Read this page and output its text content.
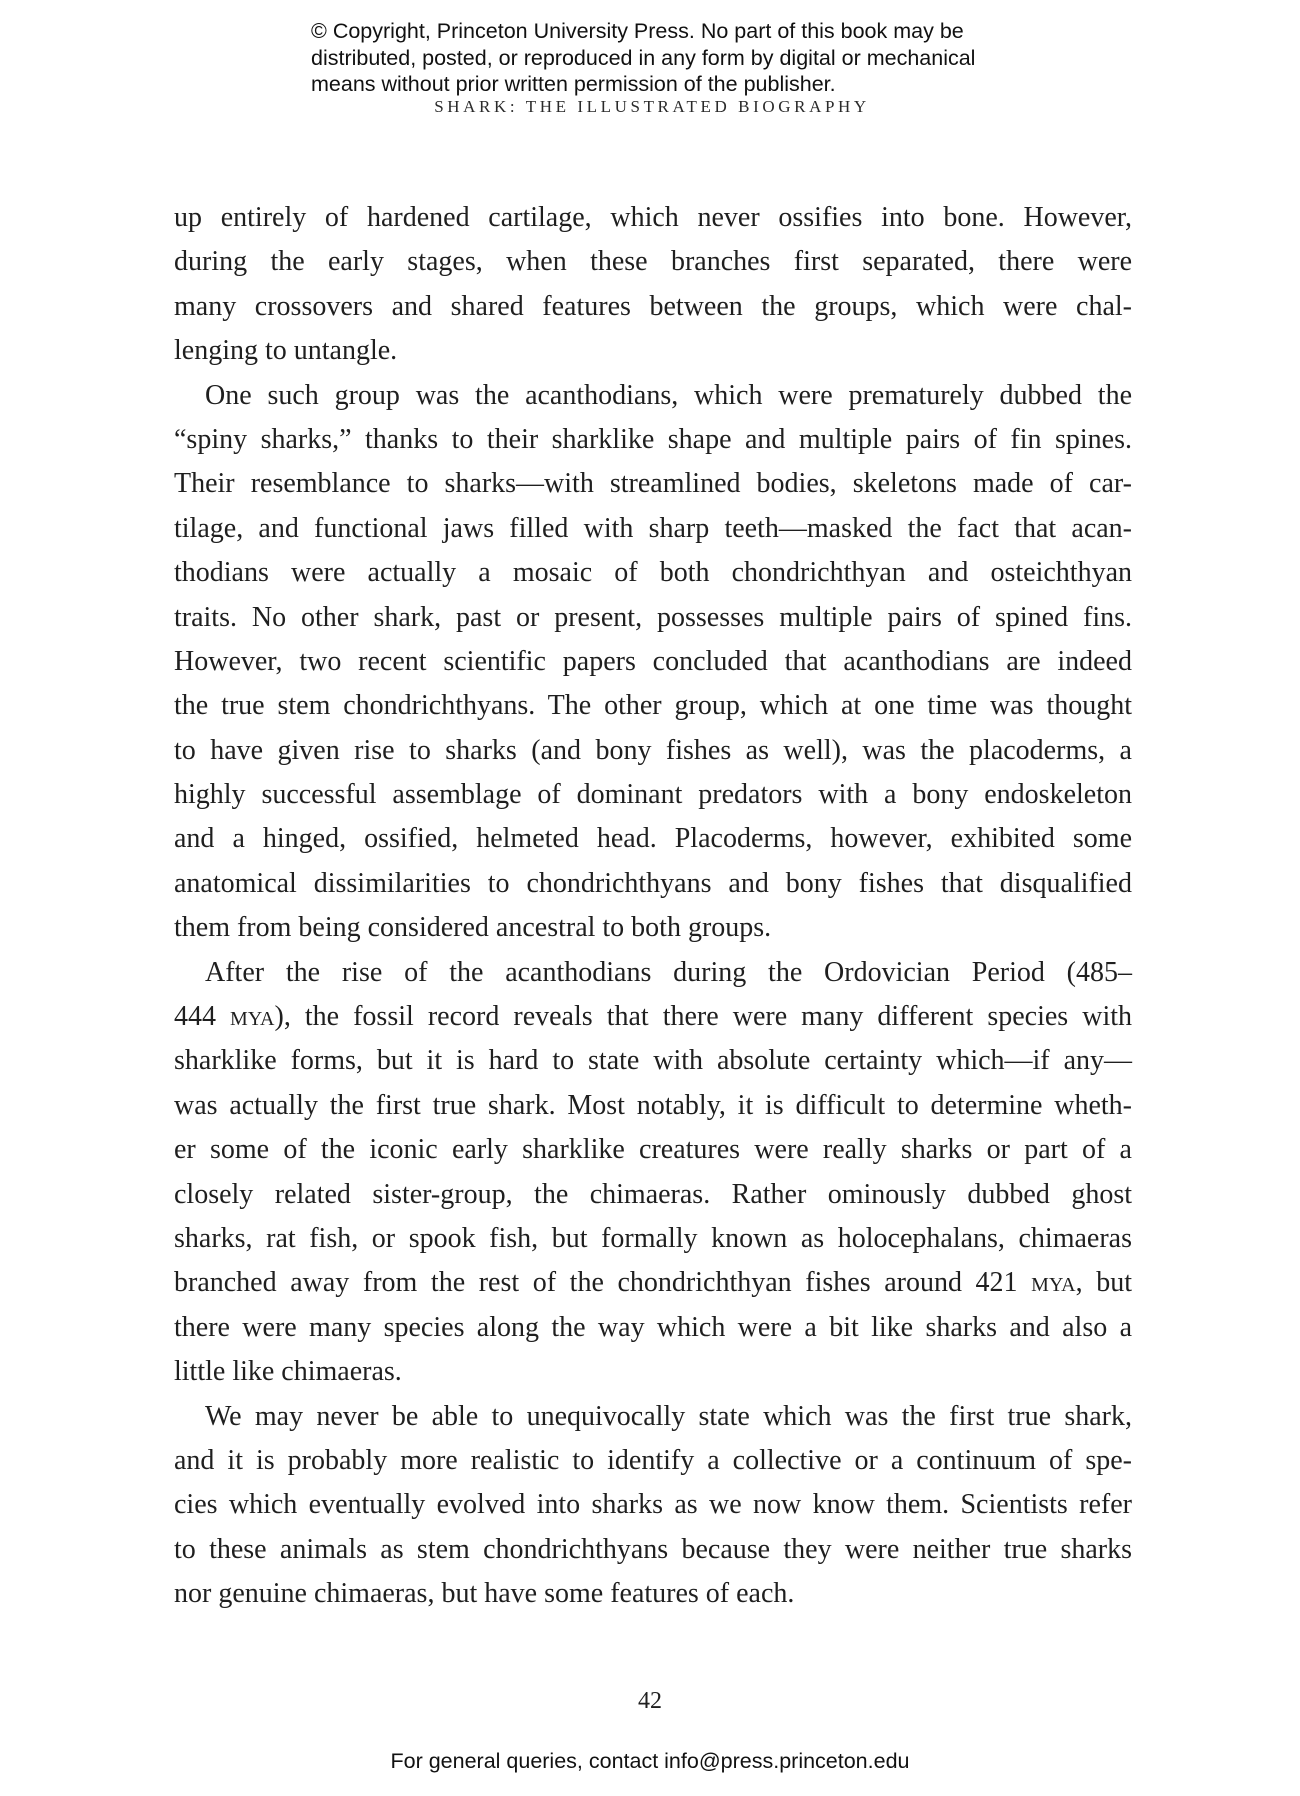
© Copyright, Princeton University Press. No part of this book may be
distributed, posted, or reproduced in any form by digital or mechanical
means without prior written permission of the publisher.
SHARK: THE ILLUSTRATED BIOGRAPHY

up entirely of hardened cartilage, which never ossifies into bone. However,
during the early stages, when these branches first separated, there were
many crossovers and shared features between the groups, which were chal-
lenging to untangle.

One such group was the acanthodians, which were prematurely dubbed the
“spiny sharks,” thanks to their sharklike shape and multiple pairs of fin spines.
Their resemblance to sharks—with streamlined bodies, skeletons made of car-
tilage, and functional jaws filled with sharp teeth—masked the fact that acan-
thodians were actually a mosaic of both chondrichthyan and osteichthyan
traits. No other shark, past or present, possesses multiple pairs of spined fins.
However, two recent scientific papers concluded that acanthodians are indeed
the true stem chondrichthyans. The other group, which at one time was thought
to have given rise to sharks (and bony fishes as well), was the placoderms, a
highly successful assemblage of dominant predators with a bony endoskeleton
and a hinged, ossified, helmeted head. Placoderms, however, exhibited some
anatomical dissimilarities to chondrichthyans and bony fishes that disqualified
them from being considered ancestral to both groups.

After the rise of the acanthodians during the Ordovician Period (485–
444 mya), the fossil record reveals that there were many different species with
sharklike forms, but it is hard to state with absolute certainty which—if any—
was actually the first true shark. Most notably, it is difficult to determine wheth-
er some of the iconic early sharklike creatures were really sharks or part of a
closely related sister-group, the chimaeras. Rather ominously dubbed ghost
sharks, rat fish, or spook fish, but formally known as holocephalans, chimaeras
branched away from the rest of the chondrichthyan fishes around 421 mya, but
there were many species along the way which were a bit like sharks and also a
little like chimaeras.

We may never be able to unequivocally state which was the first true shark,
and it is probably more realistic to identify a collective or a continuum of spe-
cies which eventually evolved into sharks as we now know them. Scientists refer
to these animals as stem chondrichthyans because they were neither true sharks
nor genuine chimaeras, but have some features of each.

42
For general queries, contact info@press.princeton.edu
